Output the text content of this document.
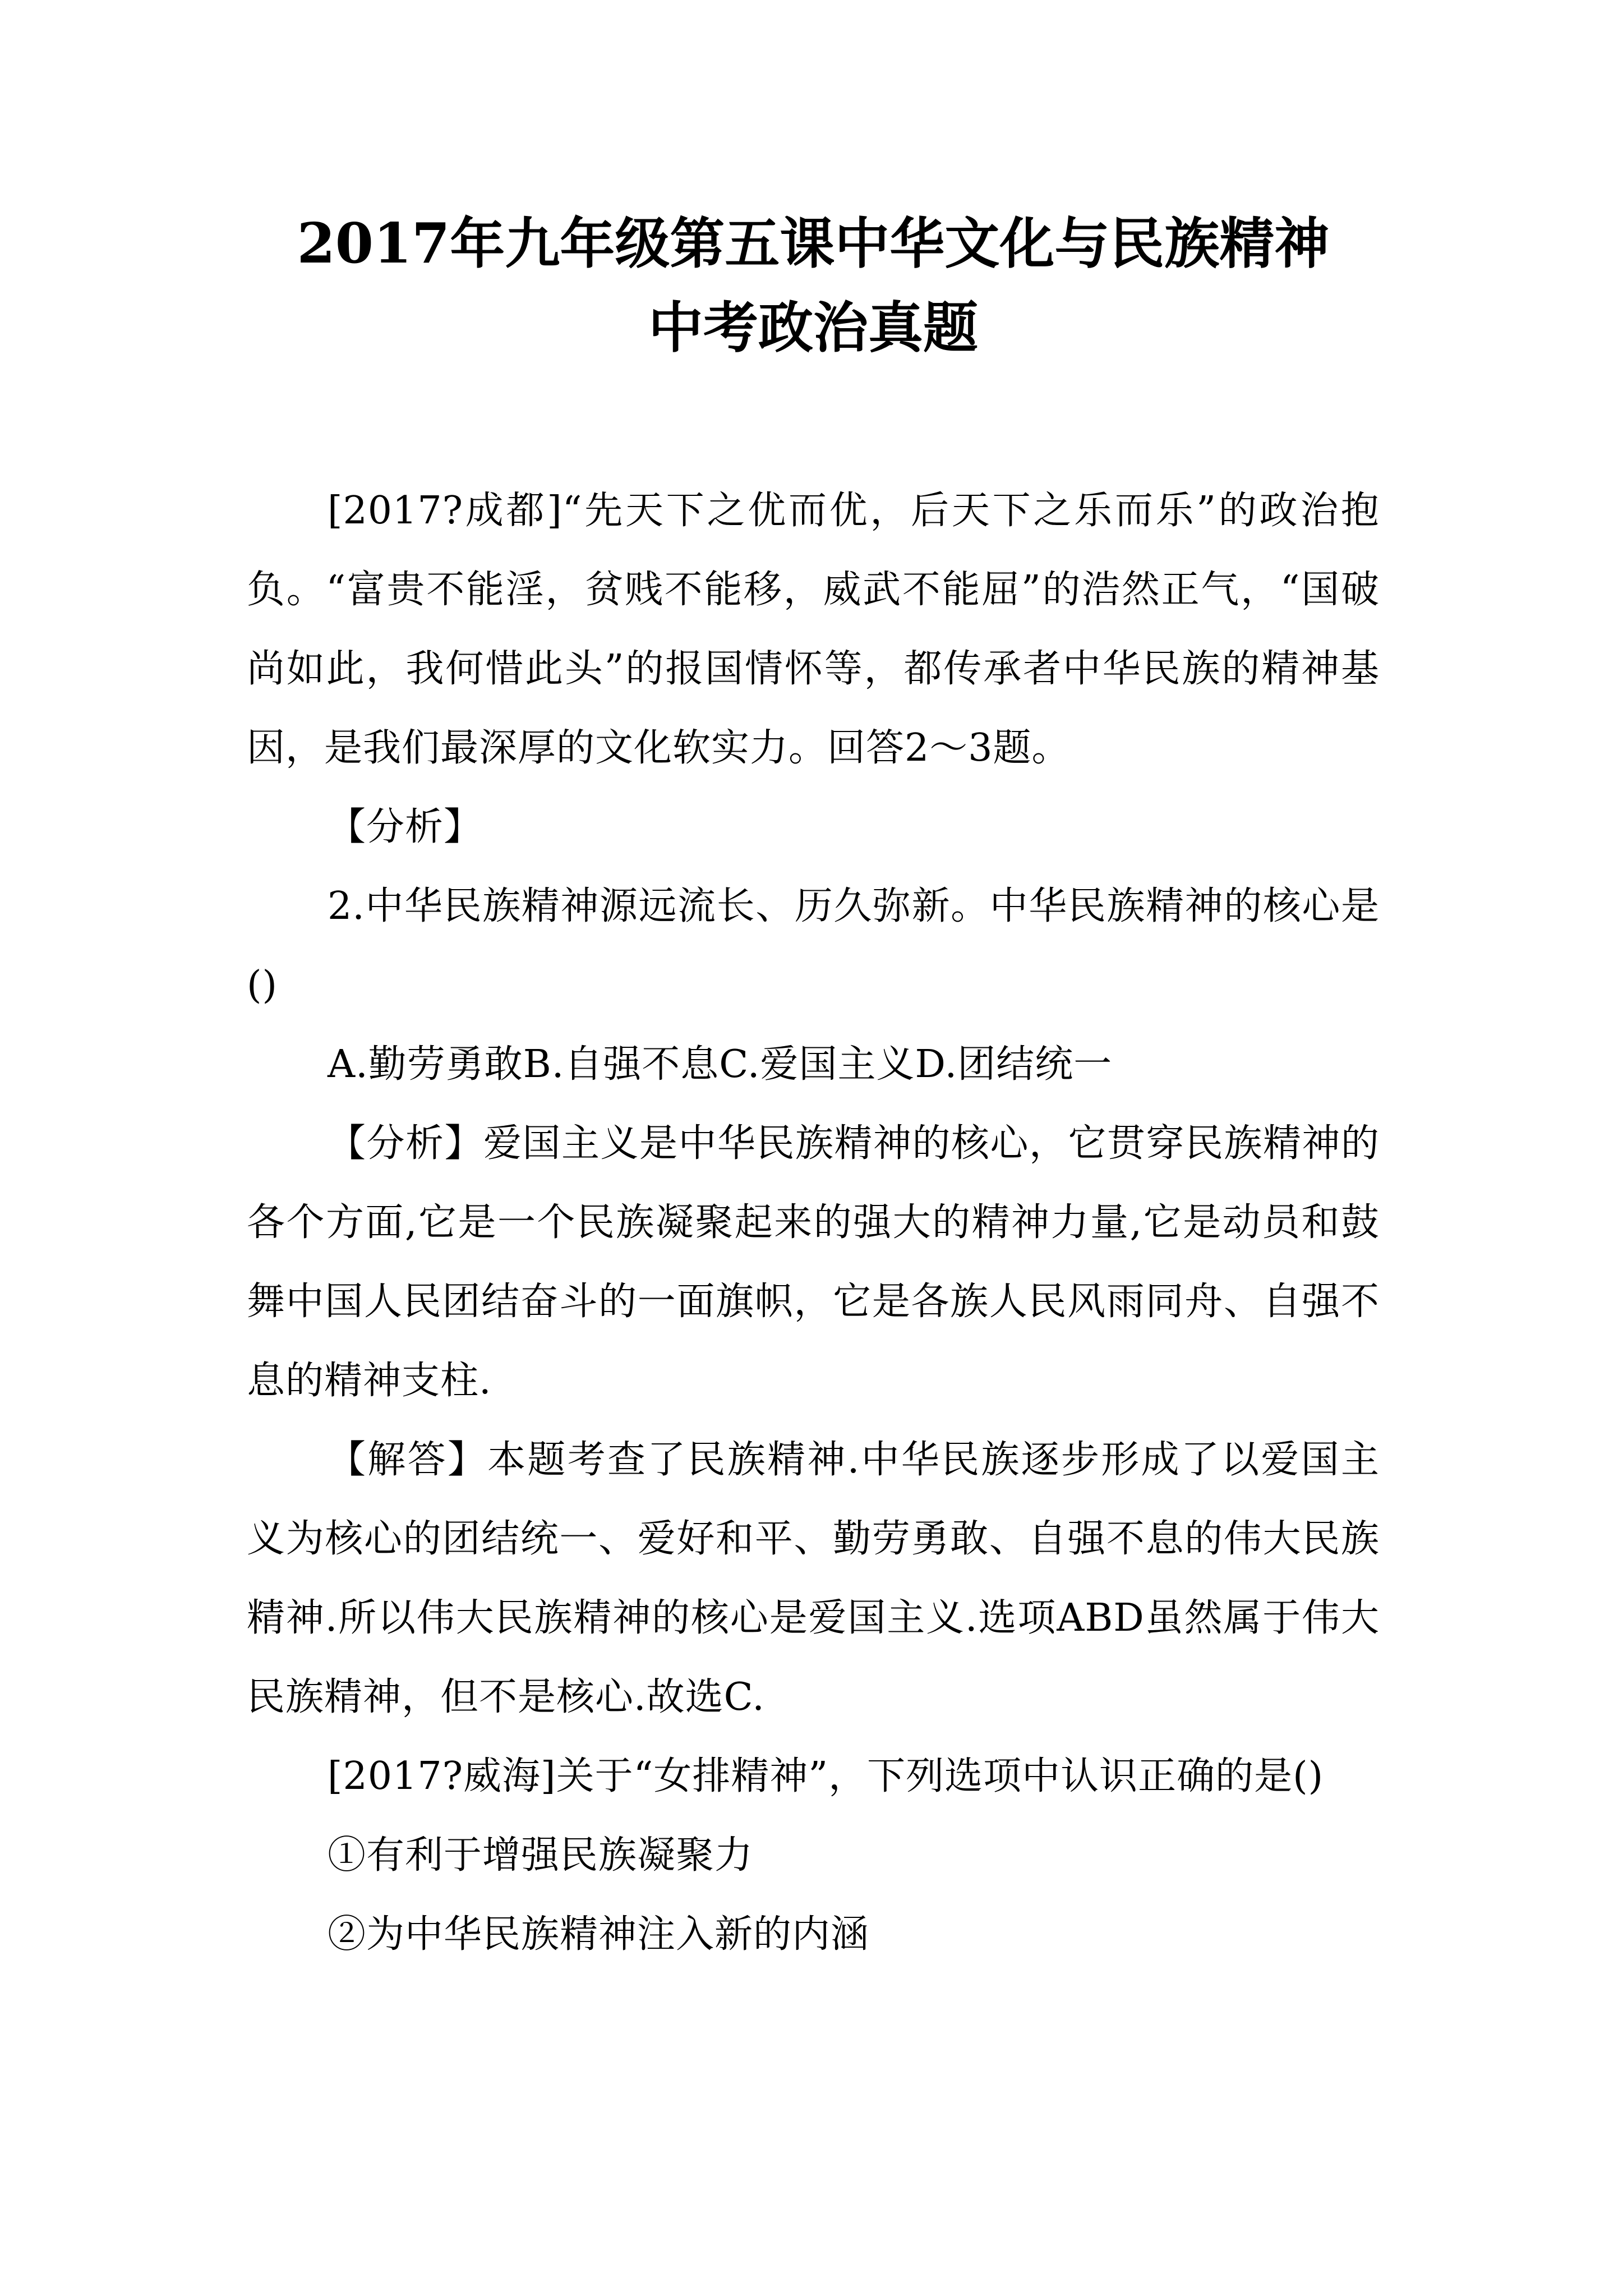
2017年九年级第五课中华文化与民族精神
中考政治真题

[2017?成都]“先天下之优而优，后天下之乐而乐”的政治抱负。“富贵不能淫，贫贱不能移，威武不能屈”的浩然正气，“国破尚如此，我何惜此头”的报国情怀等，都传承者中华民族的精神基因，是我们最深厚的文化软实力。回答2～3题。

【分析】

2.中华民族精神源远流长、历久弥新。中华民族精神的核心是()

A.勤劳勇敢B.自强不息C.爱国主义D.团结统一

【分析】爱国主义是中华民族精神的核心，它贯穿民族精神的各个方面,它是一个民族凝聚起来的强大的精神力量,它是动员和鼓舞中国人民团结奋斗的一面旗帜，它是各族人民风雨同舟、自强不息的精神支柱.

【解答】本题考查了民族精神.中华民族逐步形成了以爱国主义为核心的团结统一、爱好和平、勤劳勇敢、自强不息的伟大民族精神.所以伟大民族精神的核心是爱国主义.选项ABD虽然属于伟大民族精神，但不是核心.故选C.

[2017?威海]关于“女排精神”，下列选项中认识正确的是()

①有利于增强民族凝聚力

②为中华民族精神注入新的内涵
